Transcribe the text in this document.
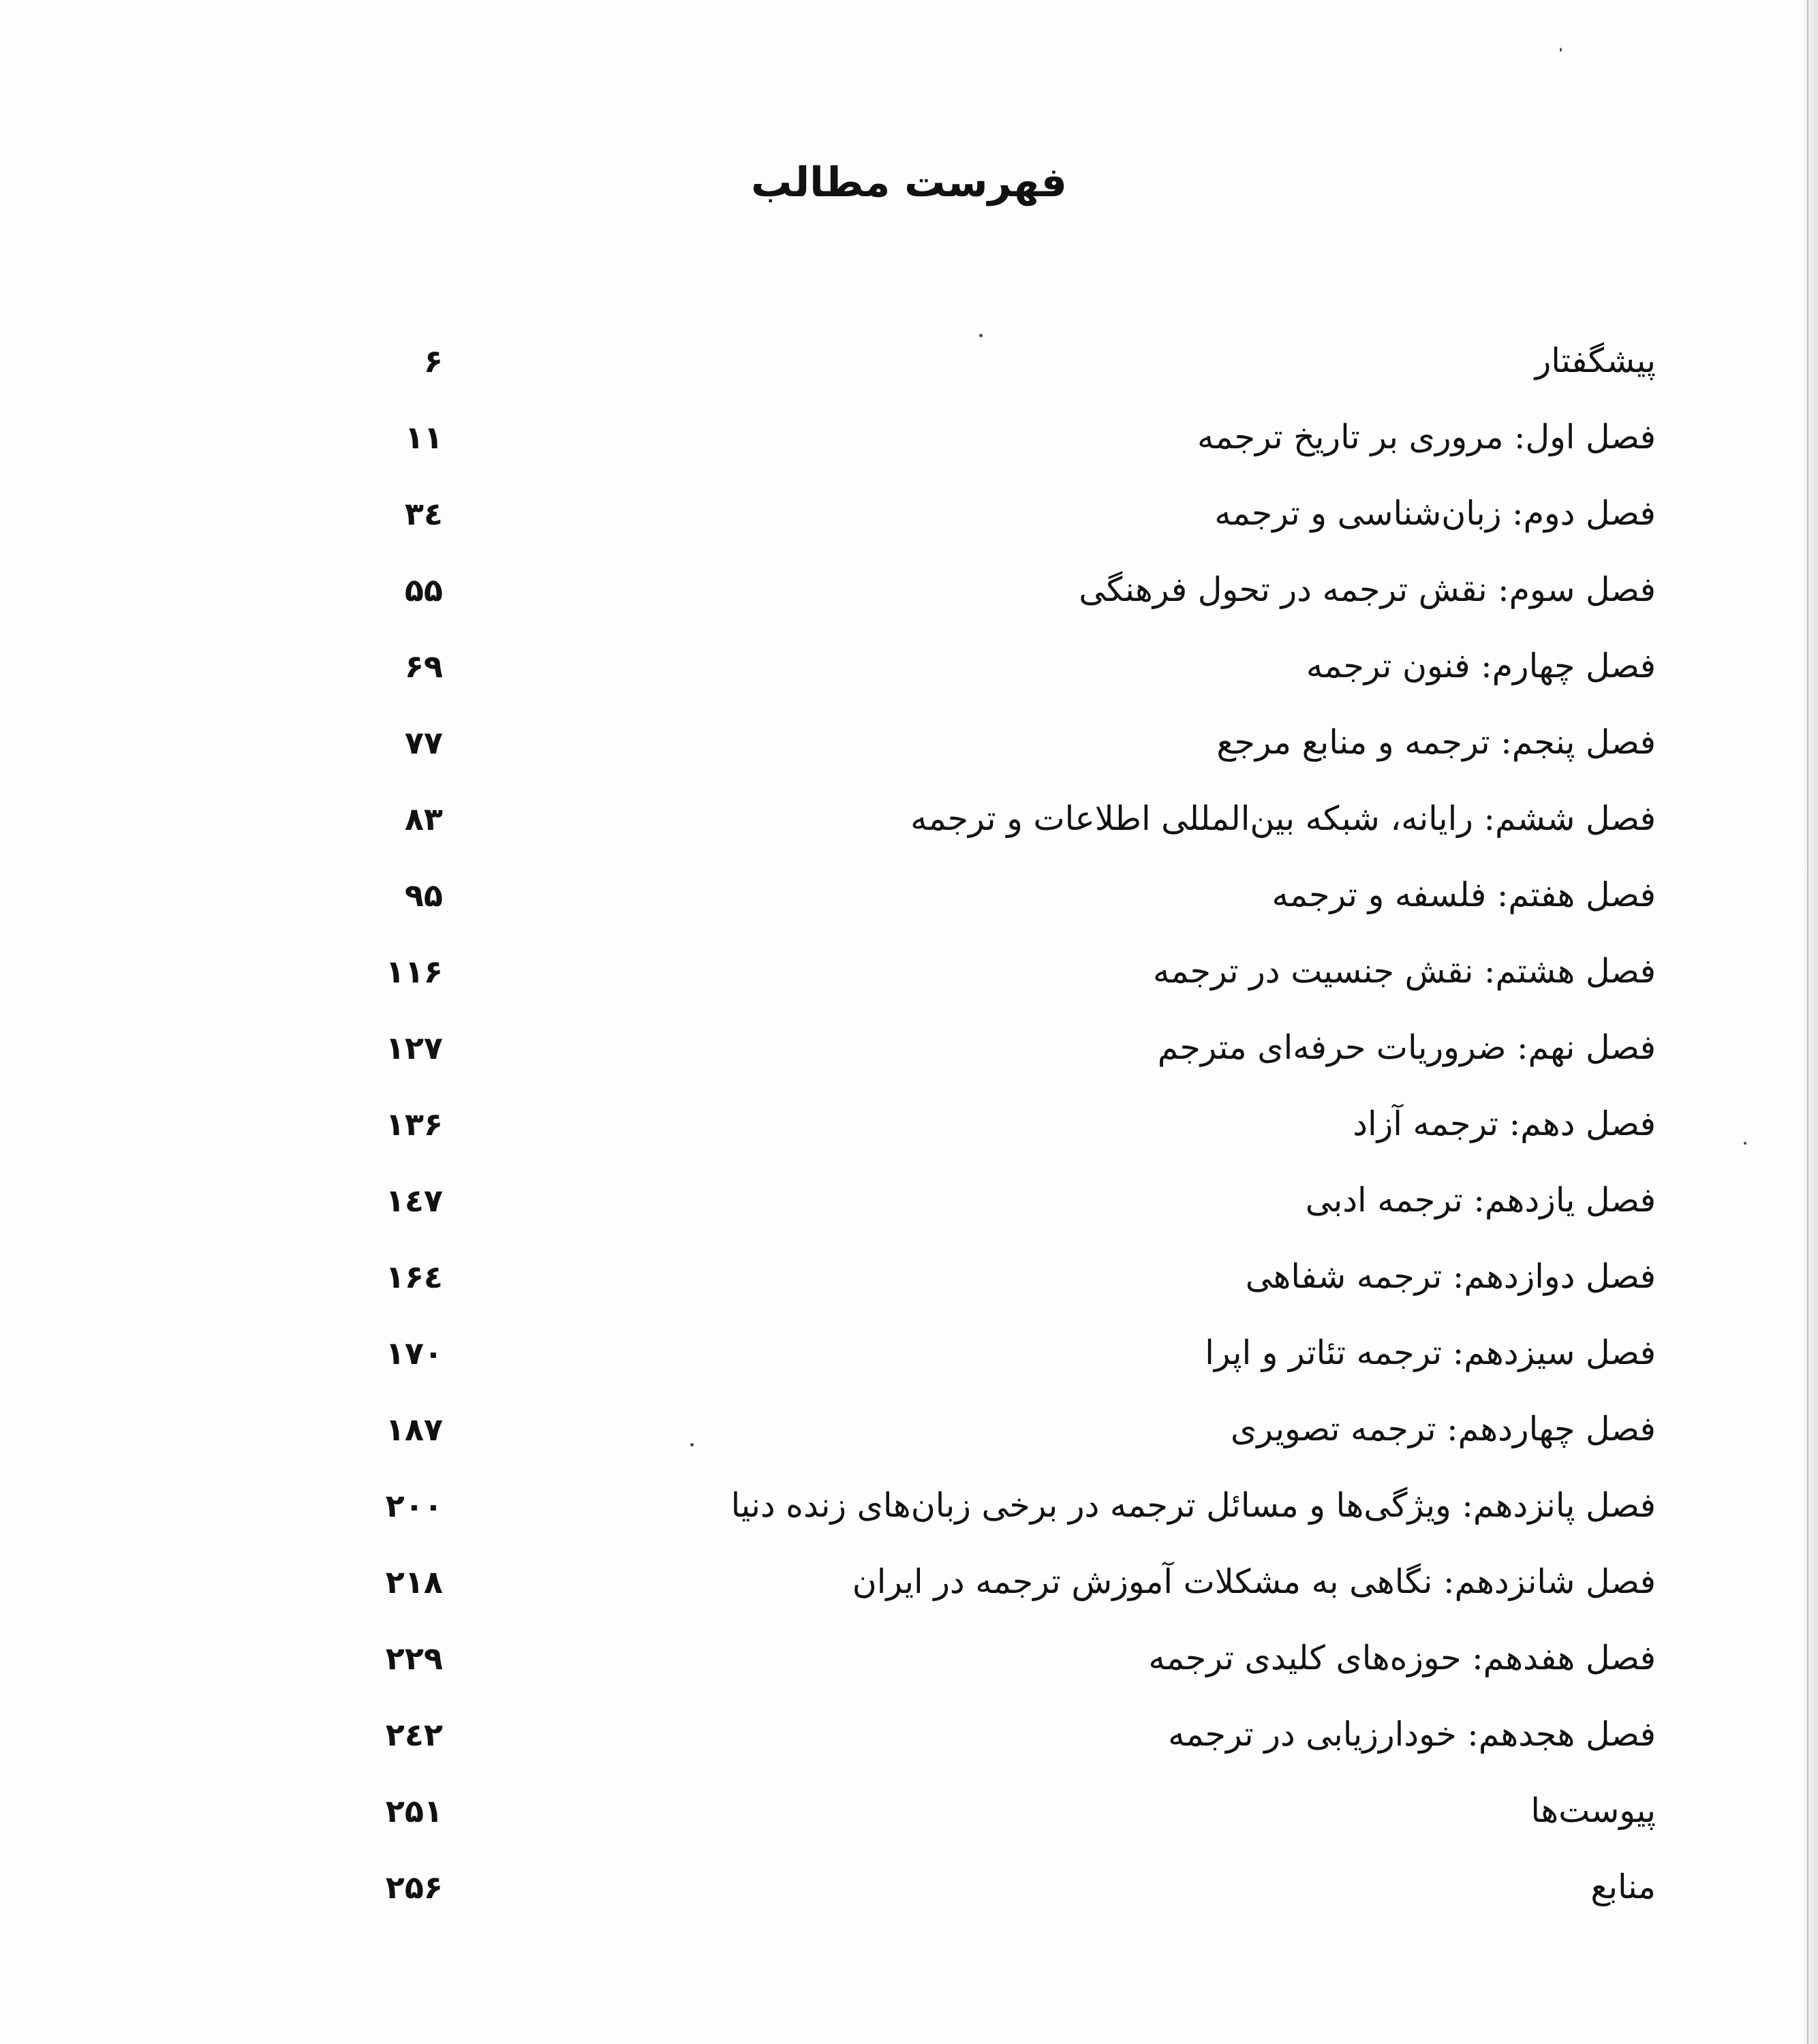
فهرست مطالب
پیشگفتار
۶
فصل اول: مروری بر تاریخ ترجمه
۱۱
فصل دوم: زبان‌شناسی و ترجمه
۳٤
فصل سوم: نقش ترجمه در تحول فرهنگی
۵۵
فصل چهارم: فنون ترجمه
۶۹
فصل پنجم: ترجمه و منابع مرجع
۷۷
فصل ششم: رایانه، شبکه بین‌المللی اطلاعات و ترجمه
۸۳
فصل هفتم: فلسفه و ترجمه
۹۵
فصل هشتم: نقش جنسیت در ترجمه
۱۱۶
فصل نهم: ضروریات حرفه‌ای مترجم
۱۲۷
فصل دهم: ترجمه آزاد
۱۳۶
فصل یازدهم: ترجمه ادبی
۱٤۷
فصل دوازدهم: ترجمه شفاهی
۱۶٤
فصل سیزدهم: ترجمه تئاتر و اپرا
۱۷۰
فصل چهاردهم: ترجمه تصویری
۱۸۷
فصل پانزدهم: ویژگی‌ها و مسائل ترجمه در برخی زبان‌های زنده دنیا
۲۰۰
فصل شانزدهم: نگاهی به مشکلات آموزش ترجمه در ایران
۲۱۸
فصل هفدهم: حوزه‌های کلیدی ترجمه
۲۲۹
فصل هجدهم: خودارزیابی در ترجمه
۲٤۲
پیوست‌ها
۲۵۱
منابع
۲۵۶
